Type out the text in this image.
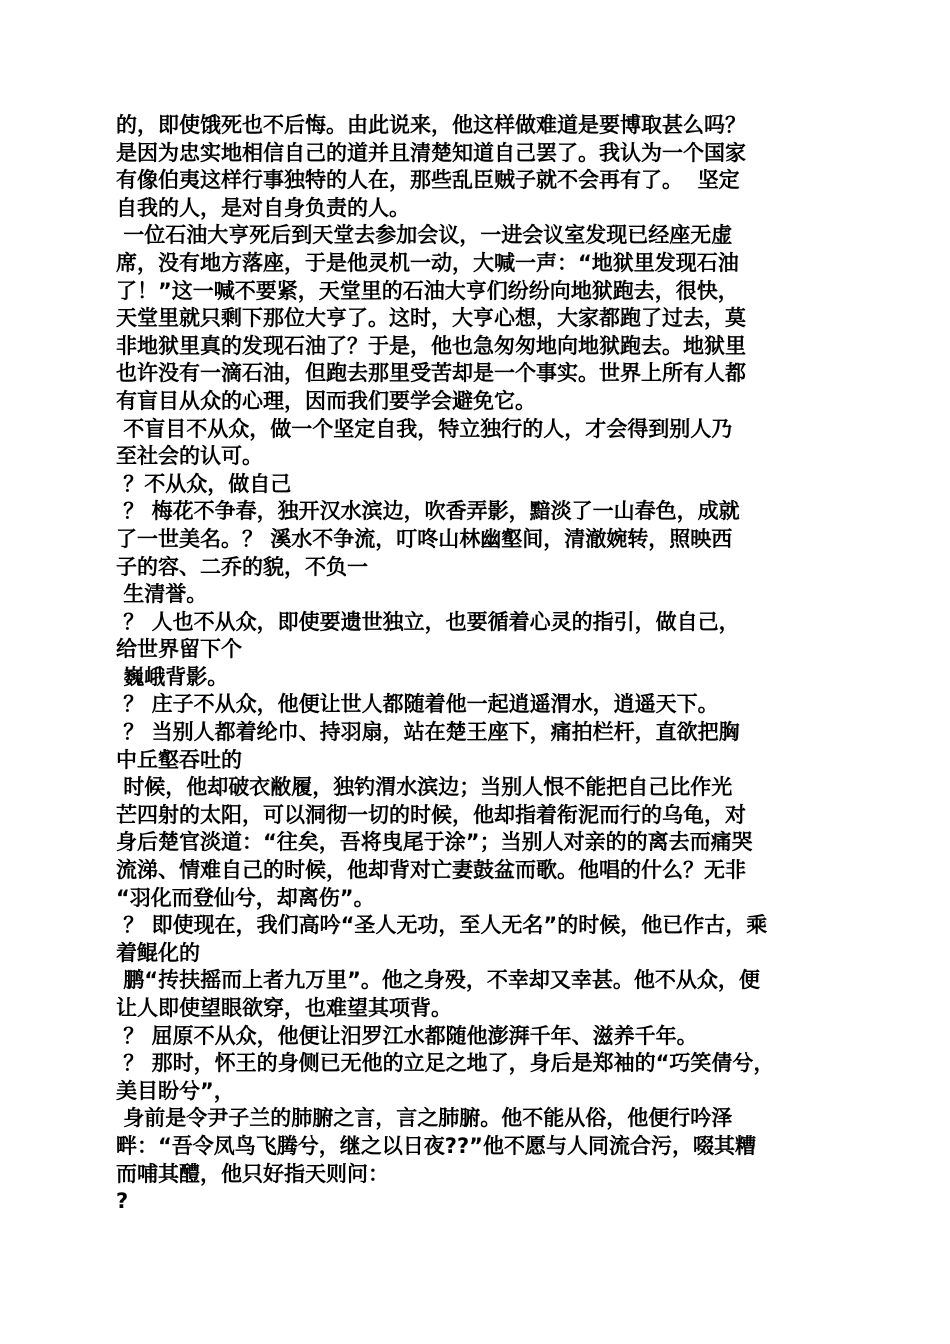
的，即使饿死也不后悔。由此说来，他这样做难道是要博取甚么吗？
是因为忠实地相信自己的道并且清楚知道自己罢了。我认为一个国家
有像伯夷这样行事独特的人在，那些乱臣贼子就不会再有了。  坚定
自我的人，是对自身负责的人。
一位石油大亨死后到天堂去参加会议，一进会议室发现已经座无虚
席，没有地方落座，于是他灵机一动，大喊一声：“地狱里发现石油
了！”这一喊不要紧，天堂里的石油大亨们纷纷向地狱跑去，很快，
天堂里就只剩下那位大亨了。这时，大亨心想，大家都跑了过去，莫
非地狱里真的发现石油了？于是，他也急匆匆地向地狱跑去。地狱里
也许没有一滴石油，但跑去那里受苦却是一个事实。世界上所有人都
有盲目从众的心理，因而我们要学会避免它。
不盲目不从众，做一个坚定自我，特立独行的人，才会得到别人乃
至社会的认可。
？不从众，做自己
？ 梅花不争春，独开汉水滨边，吹香弄影，黯淡了一山春色，成就
了一世美名。？ 溪水不争流，叮咚山林幽壑间，清澈婉转，照映西
子的容、二乔的貌，不负一
生清誉。
？ 人也不从众，即使要遗世独立，也要循着心灵的指引，做自己，
给世界留下个
巍峨背影。
？ 庄子不从众，他便让世人都随着他一起逍遥渭水，逍遥天下。
？ 当别人都着纶巾、持羽扇，站在楚王座下，痛拍栏杆，直欲把胸
中丘壑吞吐的
时候，他却破衣敝履，独钓渭水滨边；当别人恨不能把自己比作光
芒四射的太阳，可以洞彻一切的时候，他却指着衔泥而行的乌龟，对
身后楚官淡道：“往矣，吾将曳尾于涂”；当别人对亲的的离去而痛哭
流涕、情难自己的时候，他却背对亡妻鼓盆而歌。他唱的什么？无非
“羽化而登仙兮，却离伤”。
？ 即使现在，我们高吟“圣人无功，至人无名”的时候，他已作古，乘
着鲲化的
鹏“抟扶摇而上者九万里”。他之身殁，不幸却又幸甚。他不从众，便
让人即使望眼欲穿，也难望其项背。
？ 屈原不从众，他便让汨罗江水都随他澎湃千年、滋养千年。
？ 那时，怀王的身侧已无他的立足之地了，身后是郑袖的“巧笑倩兮，
美目盼兮”，
身前是令尹子兰的肺腑之言，言之肺腑。他不能从俗，他便行吟泽
畔：“吾令凤鸟飞腾兮，继之以日夜??”他不愿与人同流合污，啜其糟
而哺其醴，他只好指天则问：
?
